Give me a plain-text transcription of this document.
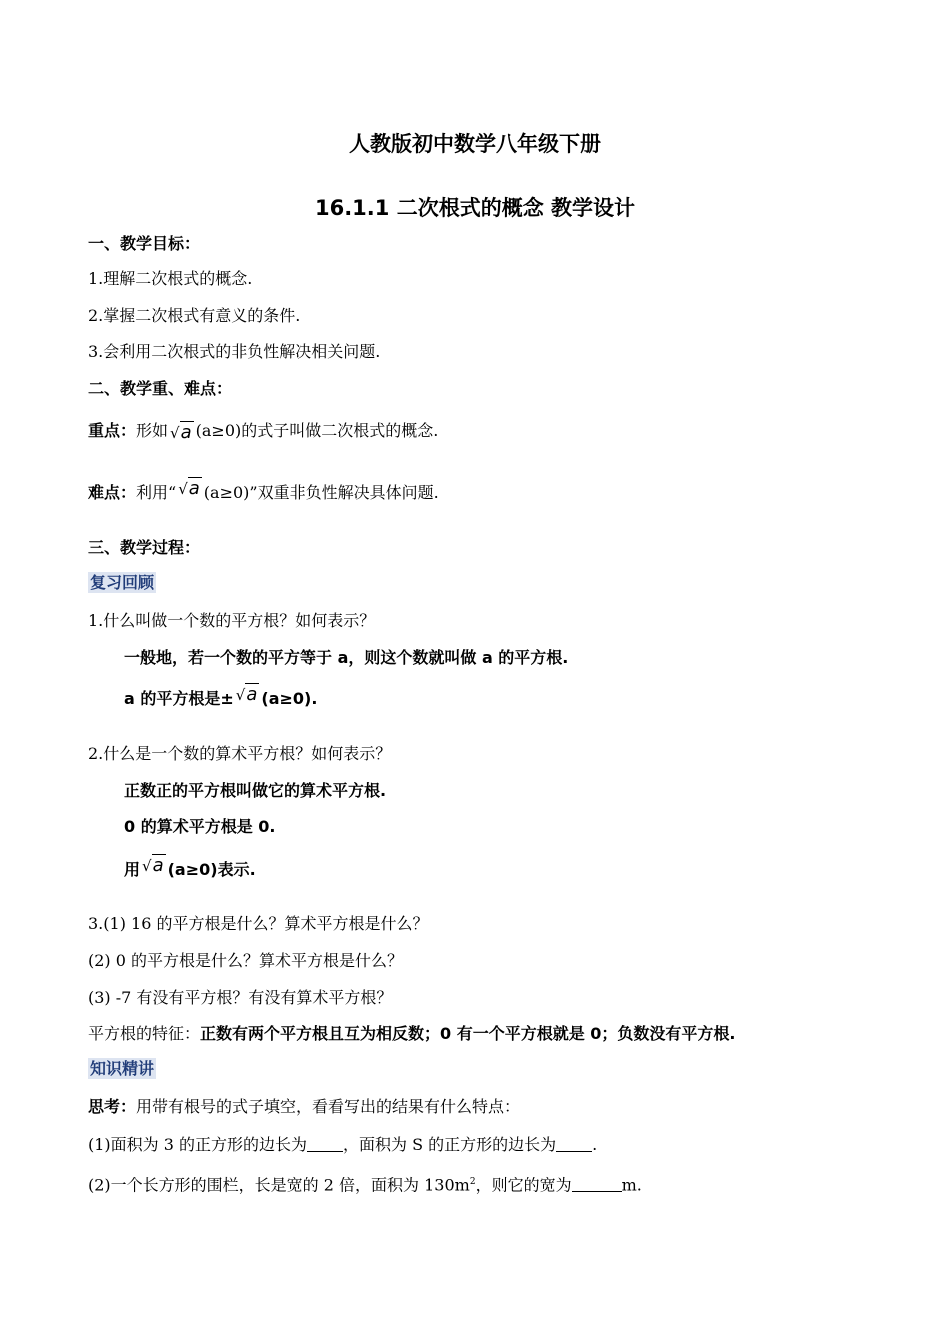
人教版初中数学八年级下册
16.1.1 二次根式的概念 教学设计
一、教学目标：
1.理解二次根式的概念.
2.掌握二次根式有意义的条件.
3.会利用二次根式的非负性解决相关问题.
二、教学重、难点：
重点：形如 √a (a≥0)的式子叫做二次根式的概念.
难点：利用“ √a (a≥0)”双重非负性解决具体问题.
三、教学过程：
复习回顾
1.什么叫做一个数的平方根？如何表示？
一般地，若一个数的平方等于 a，则这个数就叫做 a 的平方根.
a 的平方根是± √a (a≥0).
2.什么是一个数的算术平方根？如何表示？
正数正的平方根叫做它的算术平方根.
0 的算术平方根是 0.
用 √a (a≥0)表示.
3.(1) 16 的平方根是什么？算术平方根是什么？
(2) 0 的平方根是什么？算术平方根是什么？
(3) -7 有没有平方根？有没有算术平方根？
平方根的特征：正数有两个平方根且互为相反数；0 有一个平方根就是 0；负数没有平方根.
知识精讲
思考：用带有根号的式子填空，看看写出的结果有什么特点：
(1)面积为 3 的正方形的边长为 ，面积为 S 的正方形的边长为 .
(2)一个长方形的围栏，长是宽的 2 倍，面积为 $130m^2$，则它的宽为	m.
